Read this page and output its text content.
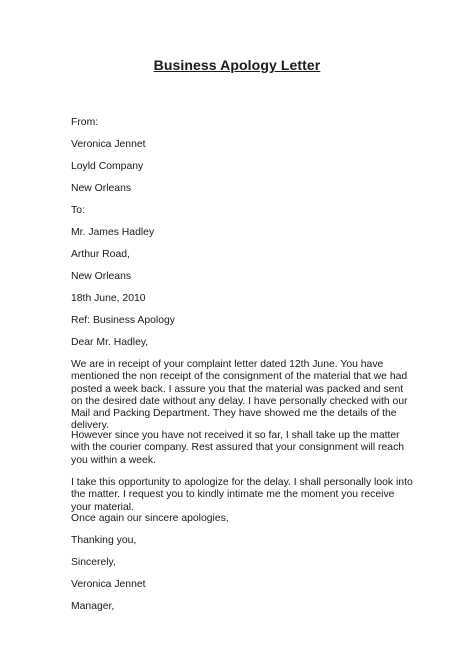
Business Apology Letter
From:
Veronica Jennet
Loyld Company
New Orleans
To:
Mr. James Hadley
Arthur Road,
New Orleans
18th June, 2010
Ref: Business Apology
Dear Mr. Hadley,
We are in receipt of your complaint letter dated 12th June. You have mentioned the non receipt of the consignment of the material that we had posted a week back. I assure you that the material was packed and sent on the desired date without any delay. I have personally checked with our Mail and Packing Department. They have showed me the details of the delivery.
However since you have not received it so far, I shall take up the matter with the courier company. Rest assured that your consignment will reach you within a week.
I take this opportunity to apologize for the delay. I shall personally look into the matter. I request you to kindly intimate me the moment you receive your material.
Once again our sincere apologies,
Thanking you,
Sincerely,
Veronica Jennet
Manager,
